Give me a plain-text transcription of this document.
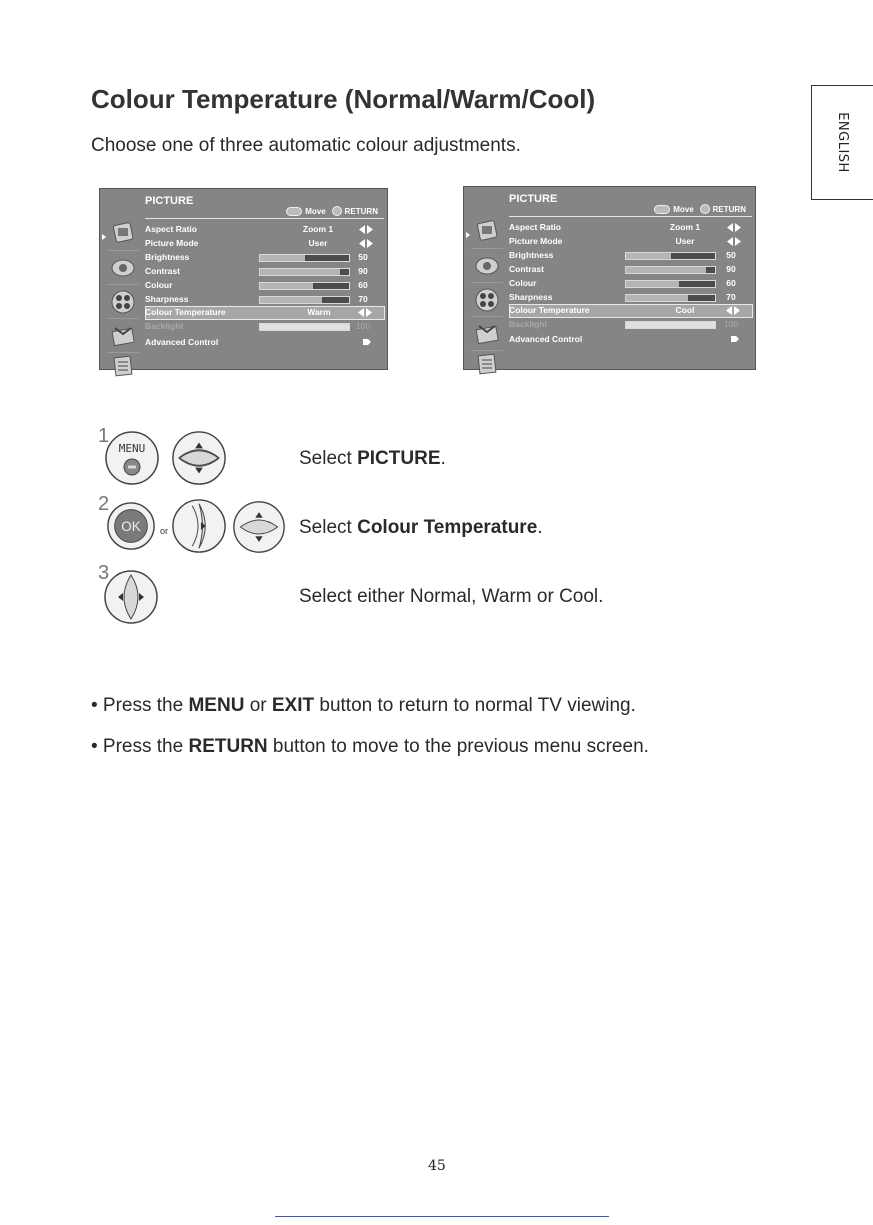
ENGLISH
Colour Temperature (Normal/Warm/Cool)

Choose one of three automatic colour adjustments.

PICTURE
Move RETURN
Aspect Ratio	Zoom 1
Picture Mode	User
Brightness	50
Contrast	90
Colour	60
Sharpness	70
Colour Temperature	Warm
Backlight	100
Advanced Control
PICTURE
Move RETURN
Aspect Ratio	Zoom 1
Picture Mode	User
Brightness	50
Contrast	90
Colour	60
Sharpness	70
Colour Temperature	Cool
Backlight	100
Advanced Control
1
MENU	Select PICTURE.
2
OK or	Select Colour Temperature.
3
Select either Normal, Warm or Cool.

• Press the MENU or EXIT button to return to normal TV viewing.

• Press the RETURN button to move to the previous menu screen.

45
